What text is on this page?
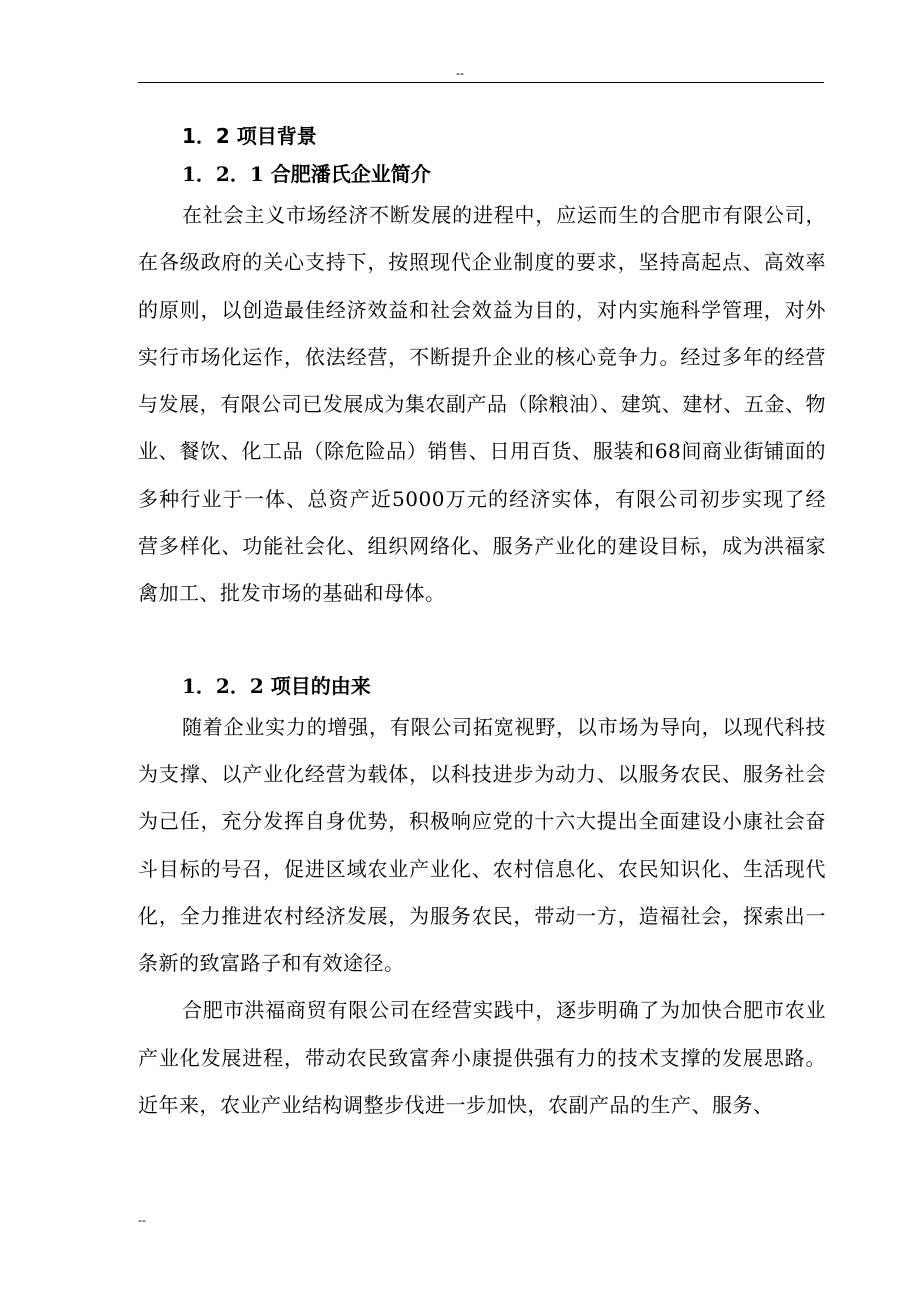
--
1．2 项目背景
1．2．1 合肥潘氏企业简介

在社会主义市场经济不断发展的进程中，应运而生的合肥市有限公司，在各级政府的关心支持下，按照现代企业制度的要求，坚持高起点、高效率的原则，以创造最佳经济效益和社会效益为目的，对内实施科学管理，对外实行市场化运作，依法经营，不断提升企业的核心竞争力。经过多年的经营与发展，有限公司已发展成为集农副产品（除粮油）、建筑、建材、五金、物业、餐饮、化工品（除危险品）销售、日用百货、服装和68间商业街铺面的多种行业于一体、总资产近5000万元的经济实体，有限公司初步实现了经营多样化、功能社会化、组织网络化、服务产业化的建设目标，成为洪福家禽加工、批发市场的基础和母体。

1．2．2 项目的由来

随着企业实力的增强，有限公司拓宽视野，以市场为导向，以现代科技为支撑、以产业化经营为载体，以科技进步为动力、以服务农民、服务社会为己任，充分发挥自身优势，积极响应党的十六大提出全面建设小康社会奋斗目标的号召，促进区域农业产业化、农村信息化、农民知识化、生活现代化，全力推进农村经济发展，为服务农民，带动一方，造福社会，探索出一条新的致富路子和有效途径。

合肥市洪福商贸有限公司在经营实践中，逐步明确了为加快合肥市农业产业化发展进程，带动农民致富奔小康提供强有力的技术支撑的发展思路。近年来，农业产业结构调整步伐进一步加快，农副产品的生产、服务、

--
